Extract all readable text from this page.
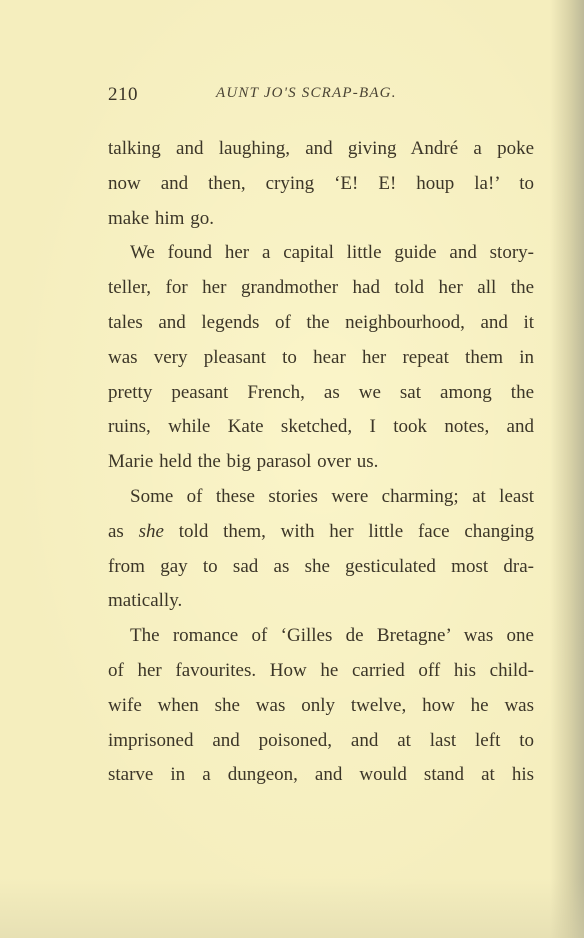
210	AUNT JO'S SCRAP-BAG.
talking and laughing, and giving André a poke
now and then, crying ‘E! E! houp la!’ to
make him go.
We found her a capital little guide and story-
teller, for her grandmother had told her all the
tales and legends of the neighbourhood, and it
was very pleasant to hear her repeat them in
pretty peasant French, as we sat among the
ruins, while Kate sketched, I took notes, and
Marie held the big parasol over us.
Some of these stories were charming; at least
as she told them, with her little face changing
from gay to sad as she gesticulated most dra-
matically.
The romance of ‘Gilles de Bretagne’ was one
of her favourites. How he carried off his child-
wife when she was only twelve, how he was
imprisoned and poisoned, and at last left to
starve in a dungeon, and would stand at his
